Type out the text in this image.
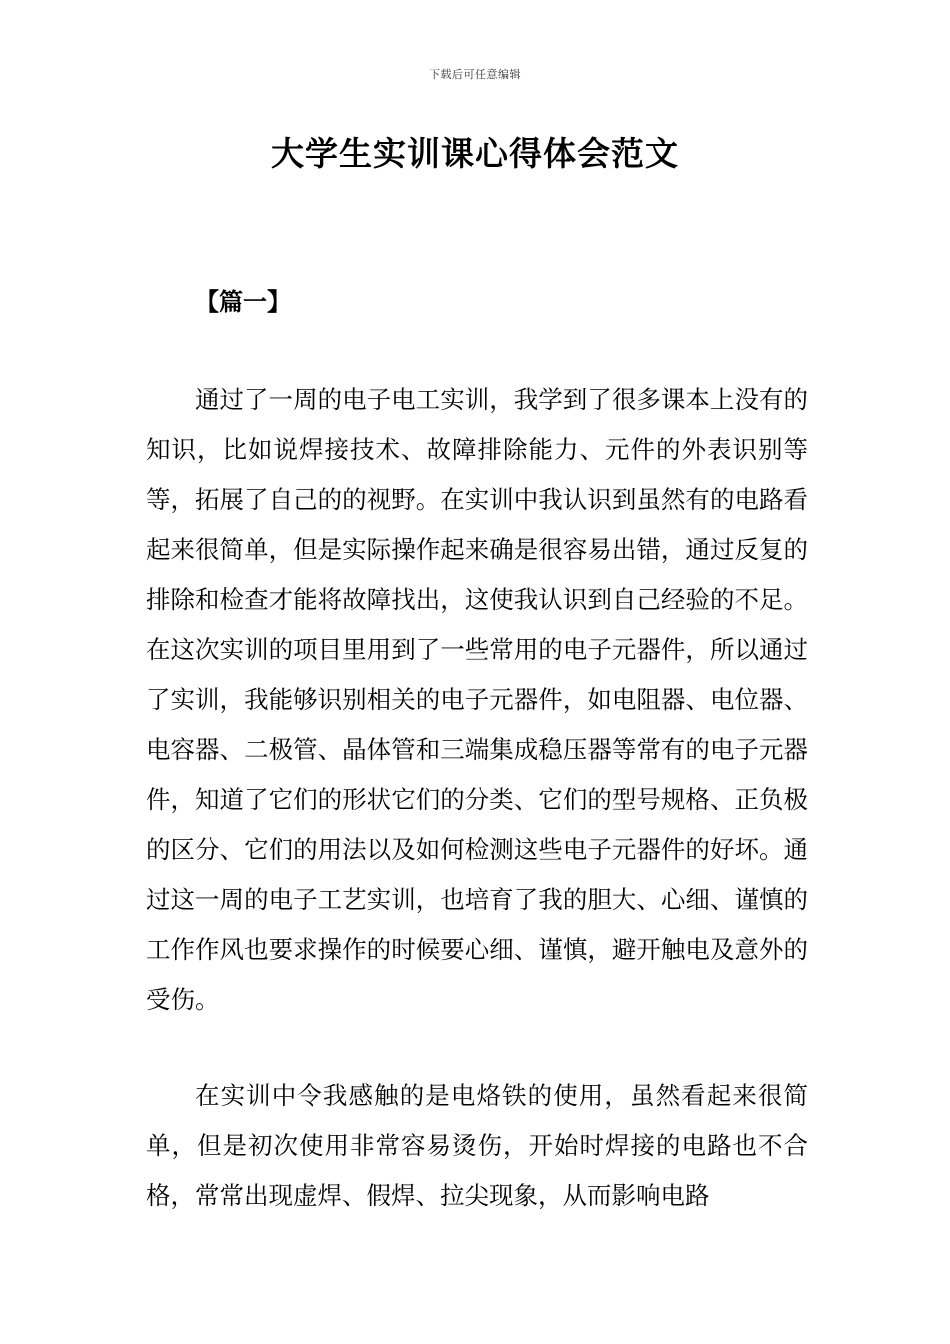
下载后可任意编辑
大学生实训课心得体会范文
【篇一】

通过了一周的电子电工实训，我学到了很多课本上没有的知识，比如说焊接技术、故障排除能力、元件的外表识别等等，拓展了自己的的视野。在实训中我认识到虽然有的电路看起来很简单，但是实际操作起来确是很容易出错，通过反复的排除和检查才能将故障找出，这使我认识到自己经验的不足。在这次实训的项目里用到了一些常用的电子元器件，所以通过了实训，我能够识别相关的电子元器件，如电阻器、电位器、电容器、二极管、晶体管和三端集成稳压器等常有的电子元器件，知道了它们的形状它们的分类、它们的型号规格、正负极的区分、它们的用法以及如何检测这些电子元器件的好坏。通过这一周的电子工艺实训，也培育了我的胆大、心细、谨慎的工作作风也要求操作的时候要心细、谨慎，避开触电及意外的受伤。

在实训中令我感触的是电烙铁的使用，虽然看起来很简单，但是初次使用非常容易烫伤，开始时焊接的电路也不合格，常常出现虚焊、假焊、拉尖现象，从而影响电路
